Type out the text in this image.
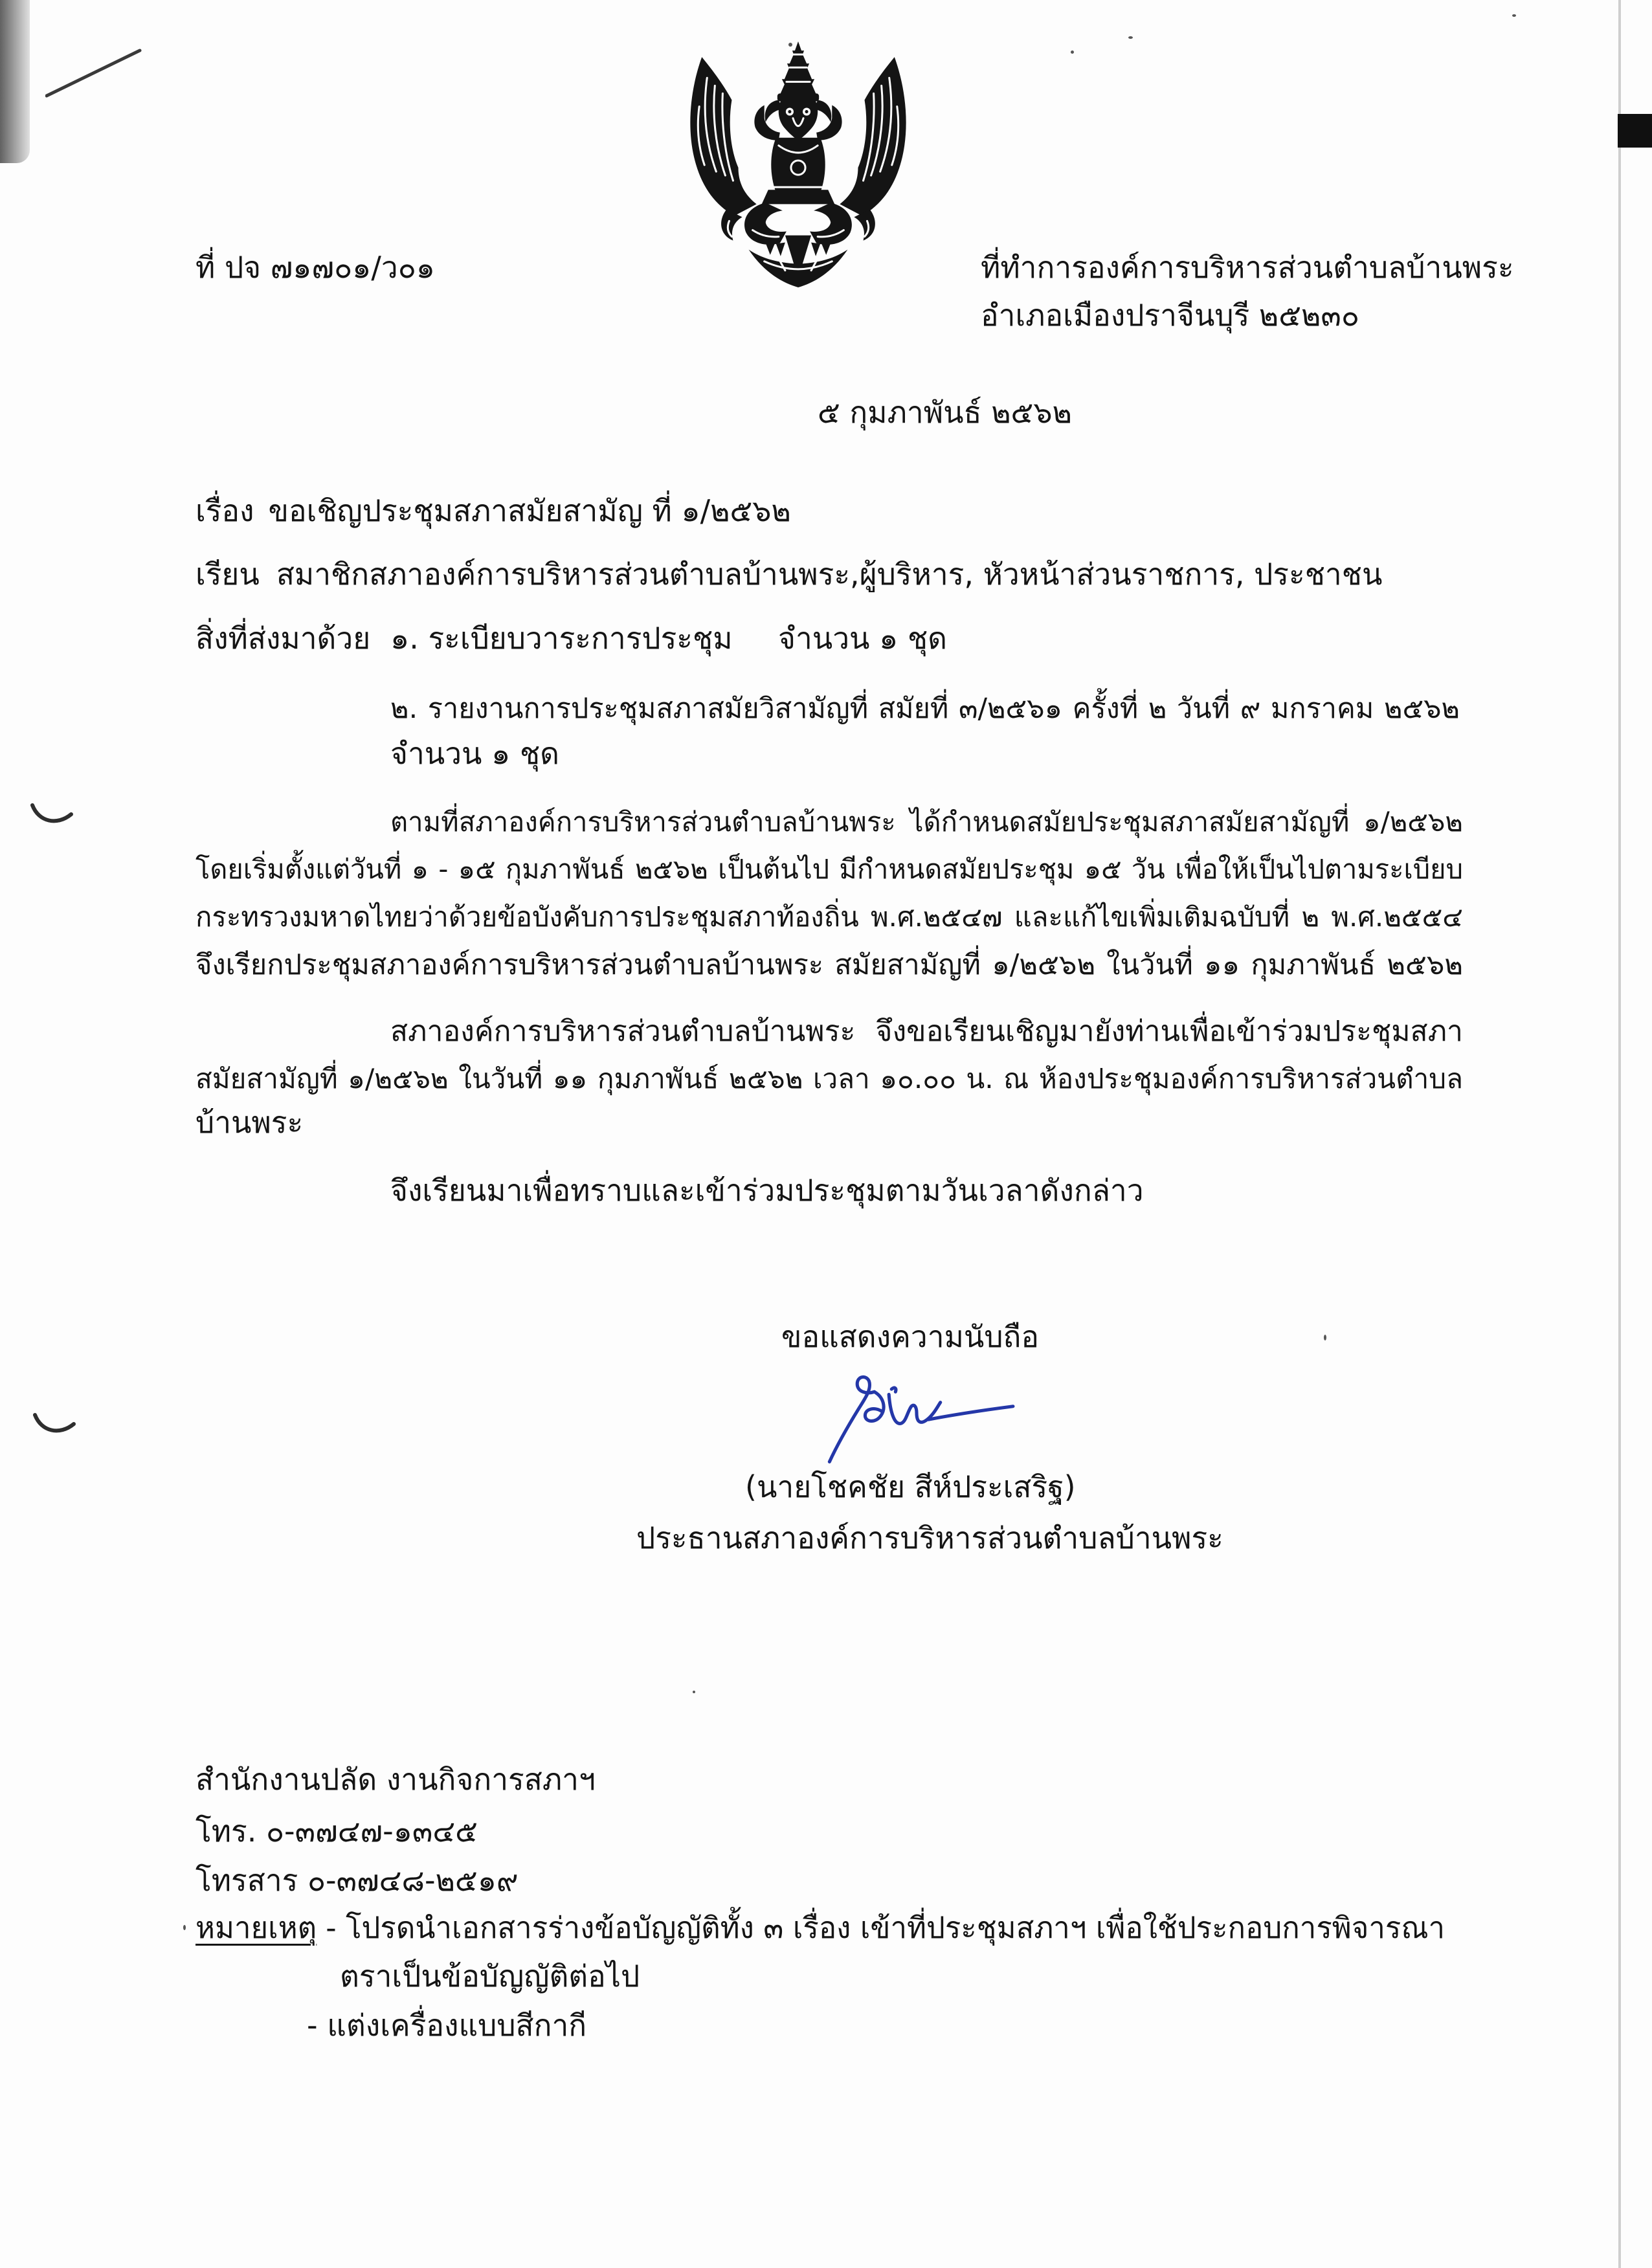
ที่ ปจ ๗๑๗๐๑/ว๐๑	ที่ทำการองค์การบริหารส่วนตำบลบ้านพระ
อำเภอเมืองปราจีนบุรี ๒๕๒๓๐
๕ กุมภาพันธ์ ๒๕๖๒
เรื่อง ขอเชิญประชุมสภาสมัยสามัญ ที่ ๑/๒๕๖๒
เรียน สมาชิกสภาองค์การบริหารส่วนตำบลบ้านพระ,ผู้บริหาร, หัวหน้าส่วนราชการ, ประชาชน
สิ่งที่ส่งมาด้วย ๑. ระเบียบวาระการประชุม	จำนวน ๑ ชุด
๒. รายงานการประชุมสภาสมัยวิสามัญที่ สมัยที่ ๓/๒๕๖๑ ครั้งที่ ๒ วันที่ ๙ มกราคม ๒๕๖๒
จำนวน ๑ ชุด
ตามที่สภาองค์การบริหารส่วนตำบลบ้านพระ ได้กำหนดสมัยประชุมสภาสมัยสามัญที่ ๑/๒๕๖๒
โดยเริ่มตั้งแต่วันที่ ๑ - ๑๕ กุมภาพันธ์ ๒๕๖๒ เป็นต้นไป มีกำหนดสมัยประชุม ๑๕ วัน เพื่อให้เป็นไปตามระเบียบ
กระทรวงมหาดไทยว่าด้วยข้อบังคับการประชุมสภาท้องถิ่น พ.ศ.๒๕๔๗ และแก้ไขเพิ่มเติมฉบับที่ ๒ พ.ศ.๒๕๕๔
จึงเรียกประชุมสภาองค์การบริหารส่วนตำบลบ้านพระ สมัยสามัญที่ ๑/๒๕๖๒ ในวันที่ ๑๑ กุมภาพันธ์ ๒๕๖๒
สภาองค์การบริหารส่วนตำบลบ้านพระ จึงขอเรียนเชิญมายังท่านเพื่อเข้าร่วมประชุมสภา
สมัยสามัญที่ ๑/๒๕๖๒ ในวันที่ ๑๑ กุมภาพันธ์ ๒๕๖๒ เวลา ๑๐.๐๐ น. ณ ห้องประชุมองค์การบริหารส่วนตำบล
บ้านพระ
จึงเรียนมาเพื่อทราบและเข้าร่วมประชุมตามวันเวลาดังกล่าว
ขอแสดงความนับถือ
(นายโชคชัย สีห์ประเสริฐ)
ประธานสภาองค์การบริหารส่วนตำบลบ้านพระ
สำนักงานปลัด งานกิจการสภาฯ
โทร. ๐-๓๗๔๗-๑๓๔๕
โทรสาร ๐-๓๗๔๘-๒๕๑๙
หมายเหตุ - โปรดนำเอกสารร่างข้อบัญญัติทั้ง ๓ เรื่อง เข้าที่ประชุมสภาฯ เพื่อใช้ประกอบการพิจารณา
ตราเป็นข้อบัญญัติต่อไป
- แต่งเครื่องแบบสีกากี
